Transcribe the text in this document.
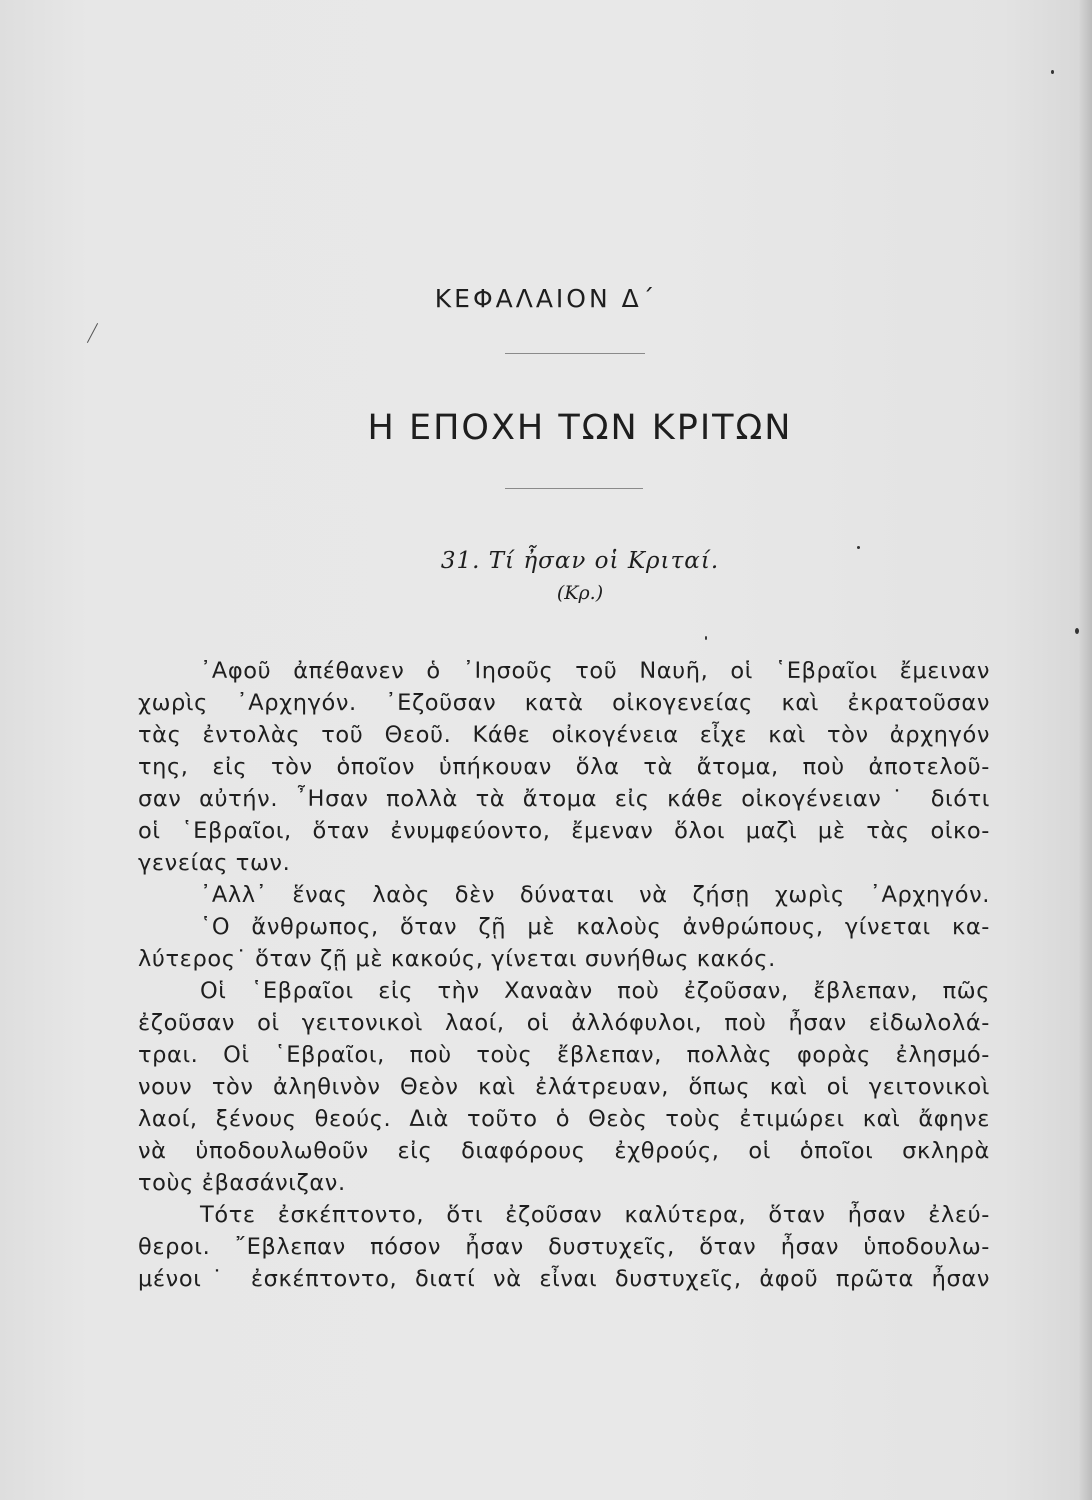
ΚΕΦΑΛΑΙΟΝ Δ΄
Η ΕΠΟΧΗ ΤΩΝ ΚΡΙΤΩΝ
31. Τί ἦσαν οἱ Κριταί.
(Κρ.)
᾽Αφοῦ ἀπέθανεν ὁ ᾽Ιησοῦς τοῦ Ναυῆ, οἱ ῾Εβραῖοι ἔμειναν
χωρὶς ᾽Αρχηγόν. ᾽Εζοῦσαν κατὰ οἰκογενείας καὶ ἐκρατοῦσαν
τὰς ἐντολὰς τοῦ Θεοῦ. Κάθε οἰκογένεια εἶχε καὶ τὸν ἀρχηγόν
της, εἰς τὸν ὁποῖον ὑπήκουαν ὅλα τὰ ἄτομα, ποὺ ἀποτελοῦ-
σαν αὐτήν. ῏Ησαν πολλὰ τὰ ἄτομα εἰς κάθε οἰκογένειαν˙ διότι
οἱ ῾Εβραῖοι, ὅταν ἐνυμφεύοντο, ἔμεναν ὅλοι μαζὶ μὲ τὰς οἰκο-
γενείας των.
᾽Αλλ᾽ ἕνας λαὸς δὲν δύναται νὰ ζήσῃ χωρὶς ᾽Αρχηγόν.
῾Ο ἄνθρωπος, ὅταν ζῇ μὲ καλοὺς ἀνθρώπους, γίνεται κα-
λύτερος˙ ὅταν ζῇ μὲ κακούς, γίνεται συνήθως κακός.
Οἱ ῾Εβραῖοι εἰς τὴν Χαναὰν ποὺ ἐζοῦσαν, ἔβλεπαν, πῶς
ἐζοῦσαν οἱ γειτονικοὶ λαοί, οἱ ἀλλόφυλοι, ποὺ ἦσαν εἰδωλολά-
τραι. Οἱ ῾Εβραῖοι, ποὺ τοὺς ἔβλεπαν, πολλὰς φορὰς ἐλησμό-
νουν τὸν ἀληθινὸν Θεὸν καὶ ἐλάτρευαν, ὅπως καὶ οἱ γειτονικοὶ
λαοί, ξένους θεούς. Διὰ τοῦτο ὁ Θεὸς τοὺς ἐτιμώρει καὶ ἄφηνε
νὰ ὑποδουλωθοῦν εἰς διαφόρους ἐχθρούς, οἱ ὁποῖοι σκληρὰ
τοὺς ἐβασάνιζαν.
Τότε ἐσκέπτοντο, ὅτι ἐζοῦσαν καλύτερα, ὅταν ἦσαν ἐλεύ-
θεροι. ῎Εβλεπαν πόσον ἦσαν δυστυχεῖς, ὅταν ἦσαν ὑποδουλω-
μένοι˙ ἐσκέπτοντο, διατί νὰ εἶναι δυστυχεῖς, ἀφοῦ πρῶτα ἦσαν
